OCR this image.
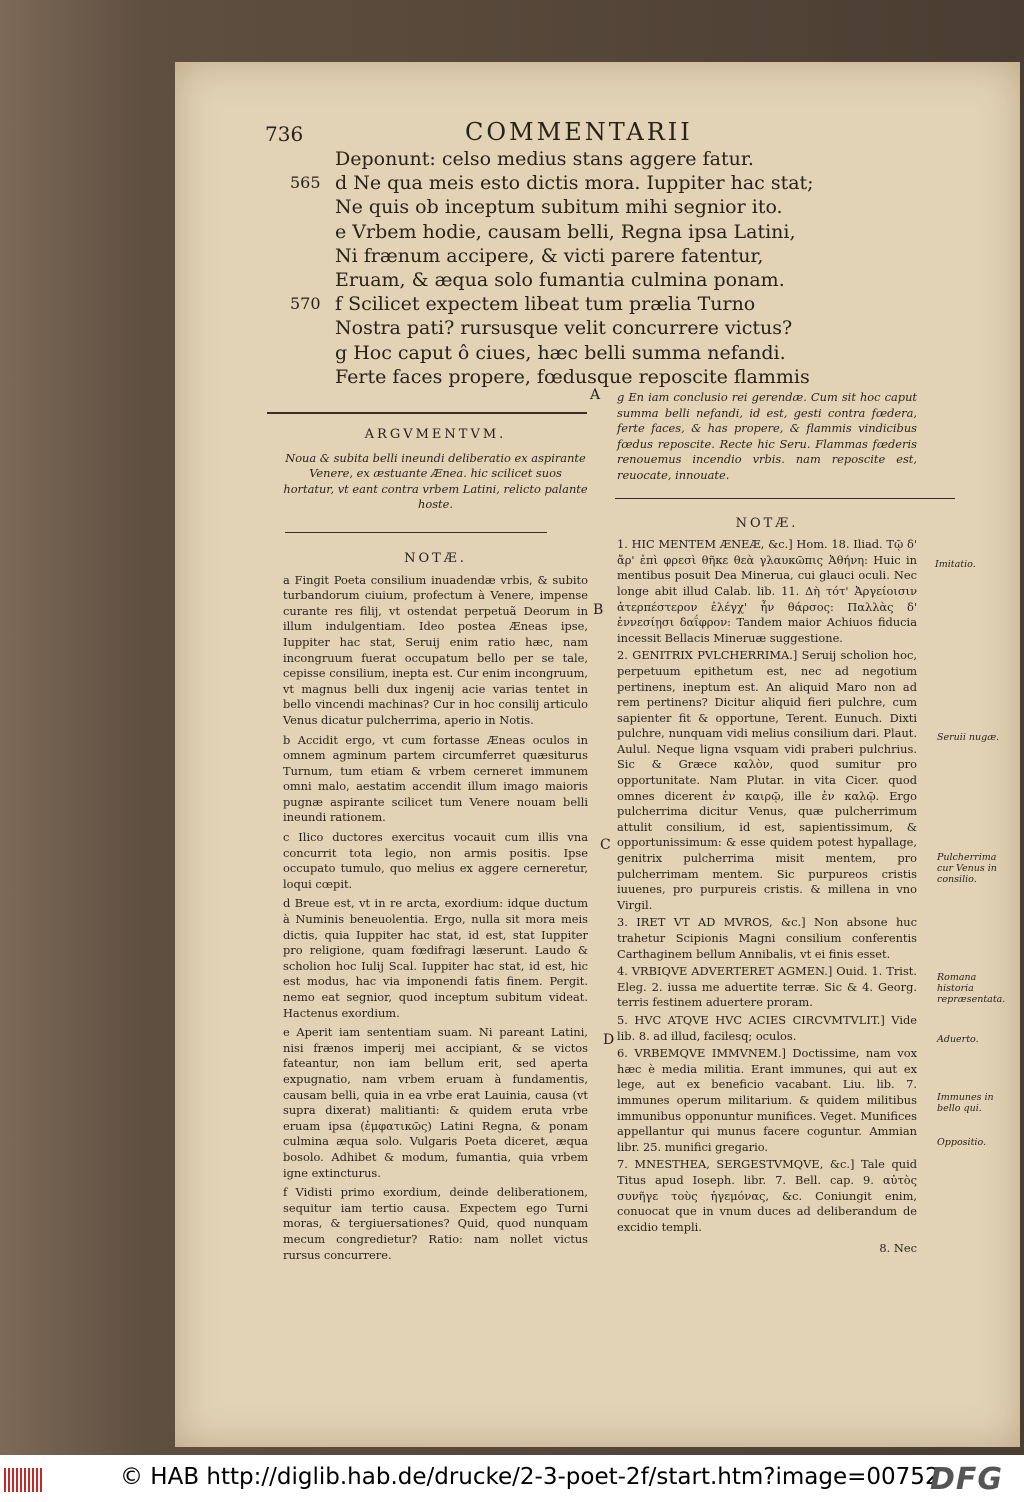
736	COMMENTARII
Deponunt: celso medius stans aggere fatur.
565 d Ne qua meis esto dictis mora. Iuppiter hac stat;
Ne quis ob inceptum subitum mihi segnior ito.
e Vrbem hodie, causam belli, Regna ipsa Latini,
Ni frænum accipere, & victi parere fatentur,
Eruam, & æqua solo fumantia culmina ponam.
570 f Scilicet expectem libeat tum prælia Turno
Nostra pati? rursusque velit concurrere victus?
g Hoc caput ô ciues, hæc belli summa nefandi.
Ferte faces propere, fœdusque reposcite flammis
A
B
C
D

ARGVMENTVM.

Noua & subita belli ineundi deliberatio ex aspirante Venere, ex æstuante Ænea. hic scilicet suos hortatur, vt eant contra vrbem Latini, relicto palante hoste.

NOTÆ.

a Fingit Poeta consilium inuadendæ vrbis, & subito turbandorum ciuium, profectum à Venere, impense curante res filij, vt ostendat perpetuã Deorum in illum indulgentiam. Ideo postea Æneas ipse, Iuppiter hac stat, Seruij enim ratio hæc, nam incongruum fuerat occupatum bello per se tale, cepisse consilium, inepta est. Cur enim incongruum, vt magnus belli dux ingenij acie varias tentet in bello vincendi machinas? Cur in hoc consilij articulo Venus dicatur pulcherrima, aperio in Notis.

b Accidit ergo, vt cum fortasse Æneas oculos in omnem agminum partem circumferret quæsiturus Turnum, tum etiam & vrbem cerneret immunem omni malo, aestatim accendit illum imago maioris pugnæ aspirante scilicet tum Venere nouam belli ineundi rationem.

c Ilico ductores exercitus vocauit cum illis vna concurrit tota legio, non armis positis. Ipse occupato tumulo, quo melius ex aggere cerneretur, loqui cœpit.

d Breue est, vt in re arcta, exordium: idque ductum à Numinis beneuolentia. Ergo, nulla sit mora meis dictis, quia Iuppiter hac stat, id est, stat Iuppiter pro religione, quam fœdifragi læserunt. Laudo & scholion hoc Iulij Scal. Iuppiter hac stat, id est, hic est modus, hac via imponendi fatis finem. Pergit. nemo eat segnior, quod inceptum subitum videat. Hactenus exordium.

e Aperit iam sententiam suam. Ni pareant Latini, nisi frænos imperij mei accipiant, & se victos fateantur, non iam bellum erit, sed aperta expugnatio, nam vrbem eruam à fundamentis, causam belli, quia in ea vrbe erat Lauinia, causa (vt supra dixerat) malitianti: & quidem eruta vrbe eruam ipsa (ἐμφατικῶς) Latini Regna, & ponam culmina æqua solo. Vulgaris Poeta diceret, æqua bosolo. Adhibet & modum, fumantia, quia vrbem igne extincturus.

f Vidisti primo exordium, deinde deliberationem, sequitur iam tertio causa. Expectem ego Turni moras, & tergiuersationes? Quid, quod nunquam mecum congredietur? Ratio: nam nollet victus rursus concurrere.

g En iam conclusio rei gerendæ. Cum sit hoc caput summa belli nefandi, id est, gesti contra fœdera, ferte faces, & has propere, & flammis vindicibus fœdus reposcite. Recte hic Seru. Flammas fœderis renouemus incendio vrbis. nam reposcite est, reuocate, innouate.

NOTÆ.

1. HIC MENTEM ÆNEÆ, &c.] Hom. 18. Iliad. Τῷ δ' ἄρ' ἐπὶ φρεσὶ θῆκε θεὰ γλαυκῶπις Ἀθήνη: Huic in mentibus posuit Dea Minerua, cui glauci oculi. Nec longe abit illud Calab. lib. 11. Δὴ τότ' Ἀργείοισιν ἀτερπέστερον ἐλέγχ' ἦν θάρσος: Παλλὰς δ' ἐννεσίῃσι δαΐφρον: Tandem maior Achiuos fiducia incessit Bellacis Mineruæ suggestione.

2. GENITRIX PVLCHERRIMA.] Seruij scholion hoc, perpetuum epithetum est, nec ad negotium pertinens, ineptum est. An aliquid Maro non ad rem pertinens? Dicitur aliquid fieri pulchre, cum sapienter fit & opportune, Terent. Eunuch. Dixti pulchre, nunquam vidi melius consilium dari. Plaut. Aulul. Neque ligna vsquam vidi praberi pulchrius. Sic & Græce καλὸν, quod sumitur pro opportunitate. Nam Plutar. in vita Cicer. quod omnes dicerent ἐν καιρῷ, ille ἐν καλῷ. Ergo pulcherrima dicitur Venus, quæ pulcherrimum attulit consilium, id est, sapientissimum, & opportunissimum: & esse quidem potest hypallage, genitrix pulcherrima misit mentem, pro pulcherrimam mentem. Sic purpureos cristis iuuenes, pro purpureis cristis. & millena in vno Virgil.

3. IRET VT AD MVROS, &c.] Non absone huc trahetur Scipionis Magni consilium conferentis Carthaginem bellum Annibalis, vt ei finis esset.

4. VRBIQVE ADVERTERET AGMEN.] Ouid. 1. Trist. Eleg. 2. iussa me aduertite terræ. Sic & 4. Georg. terris festinem aduertere proram.

5. HVC ATQVE HVC ACIES CIRCVMTVLIT.] Vide lib. 8. ad illud, facilesq; oculos.

6. VRBEMQVE IMMVNEM.] Doctissime, nam vox hæc è media militia. Erant immunes, qui aut ex lege, aut ex beneficio vacabant. Liu. lib. 7. immunes operum militarium. & quidem militibus immunibus opponuntur munifices. Veget. Munifices appellantur qui munus facere coguntur. Ammian libr. 25. munifici gregario.

7. MNESTHEA, SERGESTVMQVE, &c.] Tale quid Titus apud Ioseph. libr. 7. Bell. cap. 9. αὐτὸς συνῆγε τοὺς ἡγεμόνας, &c. Coniungit enim, conuocat que in vnum duces ad deliberandum de excidio templi.

8. Nec

Imitatio.
Seruii nugæ.
Pulcherrima cur Venus in consilio.
Romana historia repræsentata.
Aduerto.
Immunes in bello qui.
Oppositio.
© HAB http://diglib.hab.de/drucke/2-3-poet-2f/start.htm?image=00752
DFG
